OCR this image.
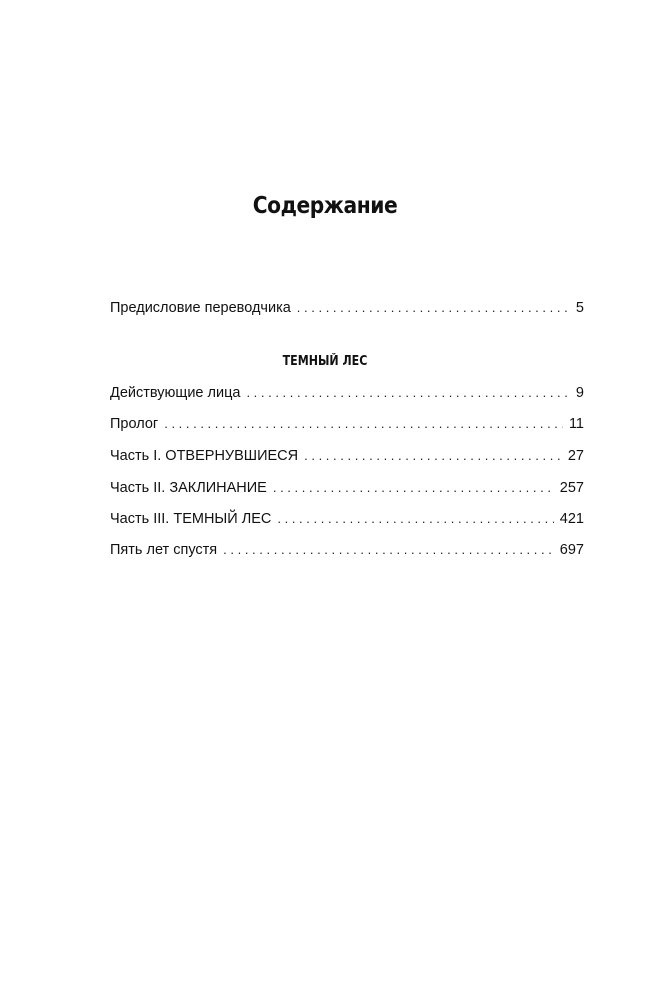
Содержание
Предисловие переводчика . . .	5
Действующие лица . . .	9
Пролог . . .	11
Часть I. ОТВЕРНУВШИЕСЯ . . .	27
Часть II. ЗАКЛИНАНИЕ . . .	257
Часть III. ТЕМНЫЙ ЛЕС . . .	421
Пять лет спустя . . .	697
ТЕМНЫЙ ЛЕС
